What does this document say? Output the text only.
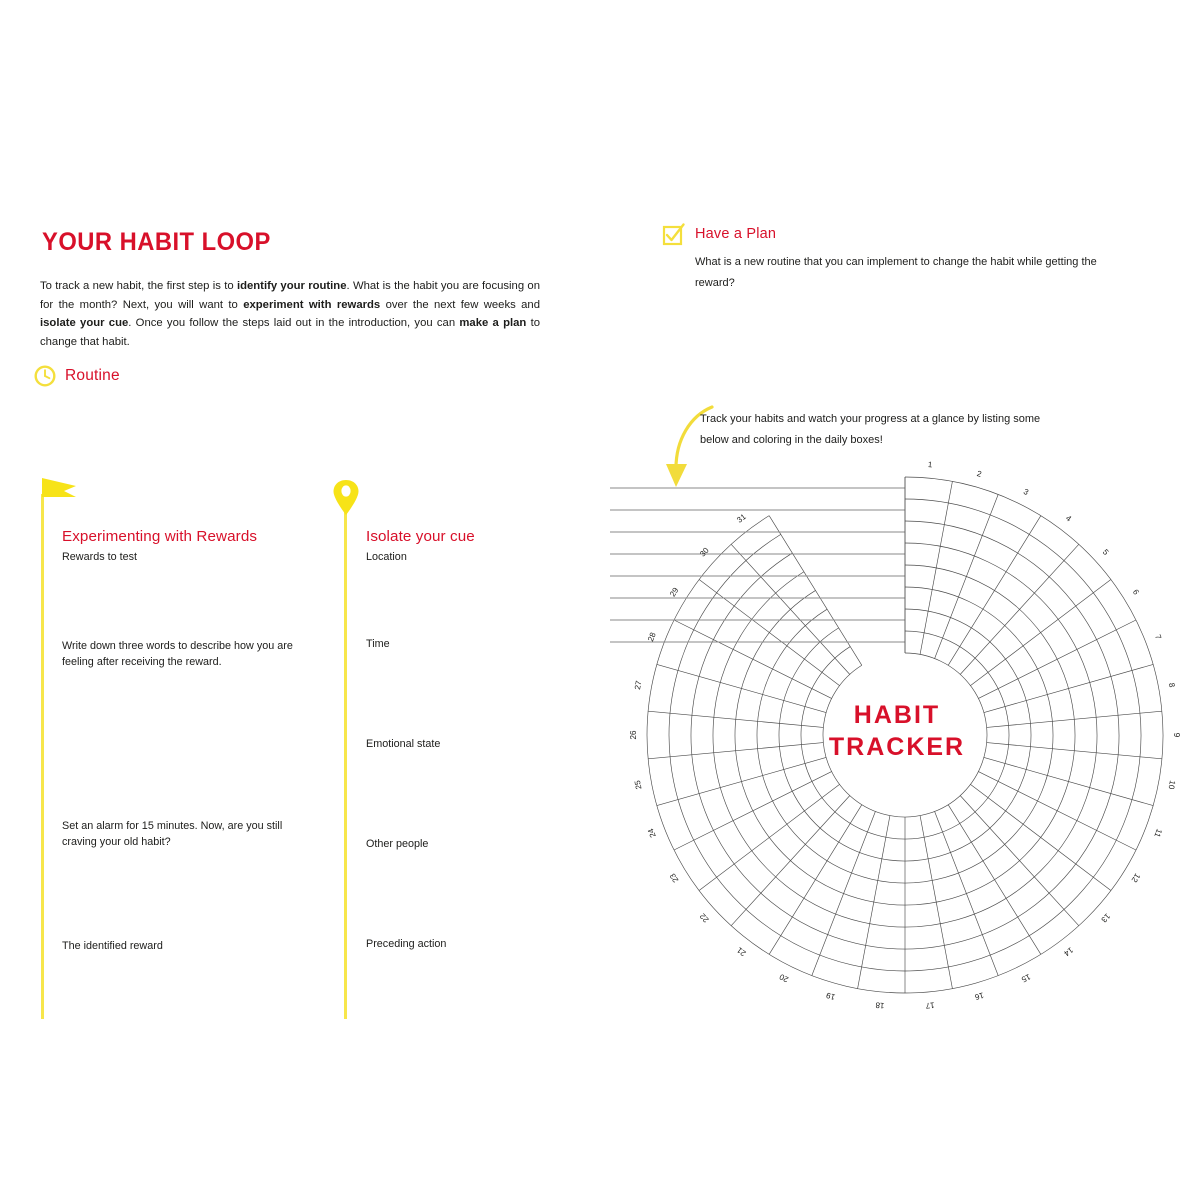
YOUR HABIT LOOP

To track a new habit, the first step is to identify your routine. What is the habit you are focusing on for the month? Next, you will want to experiment with rewards over the next few weeks and isolate your cue. Once you follow the steps laid out in the introduction, you can make a plan to change that habit.

Routine
Experimenting with Rewards

Rewards to test

Write down three words to describe how you are feeling after receiving the reward.

Set an alarm for 15 minutes. Now, are you still craving your old habit?

The identified reward

Isolate your cue

Location

Time

Emotional state

Other people

Preceding action

Have a Plan

What is a new routine that you can implement to change the habit while getting the reward?

Track your habits and watch your progress at a glance by listing some below and coloring in the daily boxes!

1
2
3
4
5
6
7
8
9
10
11
12
13
14
15
16
17
18
19
20
21
22
23
24
25
26
27
28
29
30
31
HABIT
TRACKER
